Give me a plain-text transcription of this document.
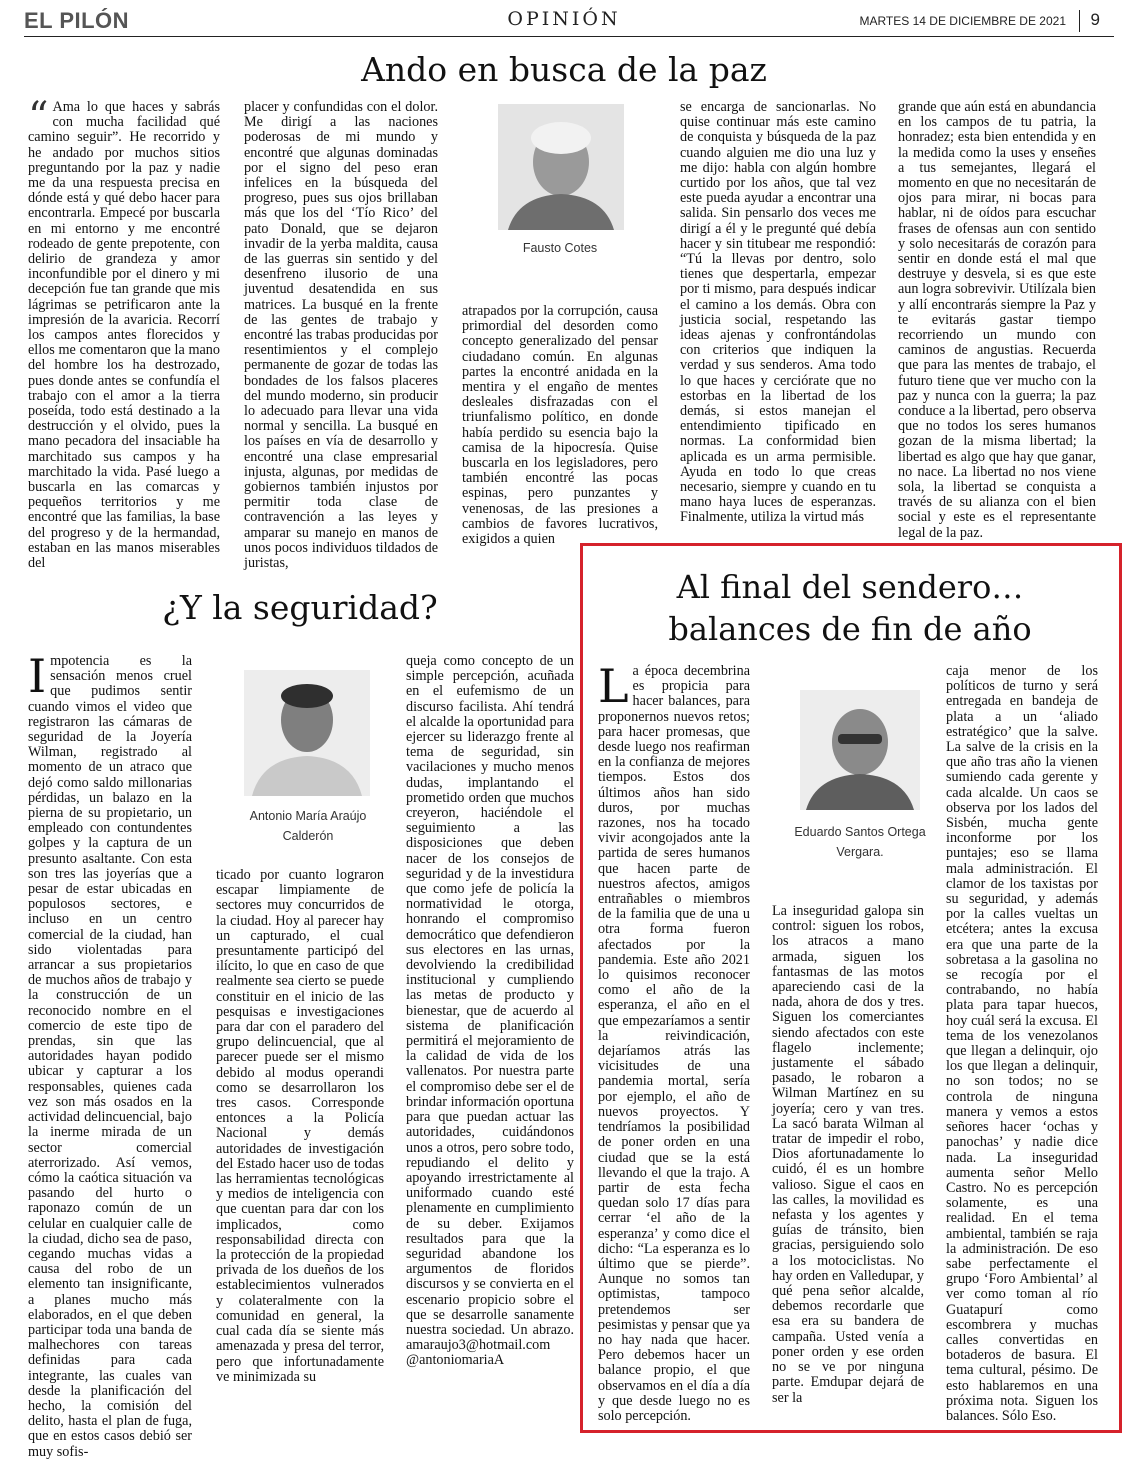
EL PILÓN	OPINIÓN	MARTES 14 DE DICIEMBRE DE 2021 9
Ando en busca de la paz
“ Ama lo que haces y sabrás con mucha facilidad qué camino seguir”. He recorrido y he andado por muchos sitios preguntando por la paz y nadie me da una respuesta precisa en dónde está y qué debo hacer para encontrarla. Empecé por buscarla en mi entorno y me encontré rodeado de gente prepotente, con delirio de grandeza y amor inconfundible por el dinero y mi decepción fue tan grande que mis lágrimas se petrificaron ante la impresión de la avaricia. Recorrí los campos antes florecidos y ellos me comentaron que la mano del hombre los ha destrozado, pues donde antes se confundía el trabajo con el amor a la tierra poseída, todo está destinado a la destrucción y el olvido, pues la mano pecadora del insaciable ha marchitado sus campos y ha marchitado la vida. Pasé luego a buscarla en las comarcas y pequeños territorios y me encontré que las familias, la base del progreso y de la hermandad, estaban en las manos miserables del
placer y confundidas con el dolor. Me dirigí a las naciones poderosas de mi mundo y encontré que algunas dominadas por el signo del peso eran infelices en la búsqueda del progreso, pues sus ojos brillaban más que los del ‘Tío Rico’ del pato Donald, que se dejaron invadir de la yerba maldita, causa de las guerras sin sentido y del desenfreno ilusorio de una juventud desatendida en sus matrices. La busqué en la frente de las gentes de trabajo y encontré las trabas producidas por resentimientos y el complejo permanente de gozar de todas las bondades de los falsos placeres del mundo moderno, sin producir lo adecuado para llevar una vida normal y sencilla. La busqué en los países en vía de desarrollo y encontré una clase empresarial injusta, algunas, por medidas de gobiernos también injustos por permitir toda clase de contravención a las leyes y amparar su manejo en manos de unos pocos individuos tildados de juristas,
Fausto Cotes
atrapados por la corrupción, causa primordial del desorden como concepto generalizado del pensar ciudadano común. En algunas partes la encontré anidada en la mentira y el engaño de mentes desleales disfrazadas con el triunfalismo político, en donde había perdido su esencia bajo la camisa de la hipocresía. Quise buscarla en los legisladores, pero también encontré las pocas espinas, pero punzantes y venenosas, de las presiones a cambios de favores lucrativos, exigidos a quien
se encarga de sancionarlas. No quise continuar más este camino de conquista y búsqueda de la paz cuando alguien me dio una luz y me dijo: habla con algún hombre curtido por los años, que tal vez este pueda ayudar a encontrar una salida. Sin pensarlo dos veces me dirigí a él y le pregunté qué debía hacer y sin titubear me respondió: “Tú la llevas por dentro, solo tienes que despertarla, empezar por ti mismo, para después indicar el camino a los demás. Obra con justicia social, respetando las ideas ajenas y confrontándolas con criterios que indiquen la verdad y sus senderos. Ama todo lo que haces y cerciórate que no estorbas en la libertad de los demás, si estos manejan el entendimiento tipificado en normas. La conformidad bien aplicada es un arma permisible. Ayuda en todo lo que creas necesario, siempre y cuando en tu mano haya luces de esperanzas. Finalmente, utiliza la virtud más
grande que aún está en abundancia en los campos de tu patria, la honradez; esta bien entendida y en la medida como la uses y enseñes a tus semejantes, llegará el momento en que no necesitarán de ojos para mirar, ni bocas para hablar, ni de oídos para escuchar frases de ofensas aun con sentido y solo necesitarás de corazón para sentir en donde está el mal que destruye y desvela, si es que este aun logra sobrevivir. Utilízala bien y allí encontrarás siempre la Paz y te evitarás gastar tiempo recorriendo un mundo con caminos de angustias. Recuerda que para las mentes de trabajo, el futuro tiene que ver mucho con la paz y nunca con la guerra; la paz conduce a la libertad, pero observa que no todos los seres humanos gozan de la misma libertad; la libertad es algo que hay que ganar, no nace. La libertad no nos viene sola, la libertad se conquista a través de su alianza con el bien social y este es el representante legal de la paz.
¿Y la seguridad?
Impotencia es la sensación menos cruel que pudimos sentir cuando vimos el video que registraron las cámaras de seguridad de la Joyería Wilman, registrado al momento de un atraco que dejó como saldo millonarias pérdidas, un balazo en la pierna de su propietario, un empleado con contundentes golpes y la captura de un presunto asaltante. Con esta son tres las joyerías que a pesar de estar ubicadas en populosos sectores, e incluso en un centro comercial de la ciudad, han sido violentadas para arrancar a sus propietarios de muchos años de trabajo y la construcción de un reconocido nombre en el comercio de este tipo de prendas, sin que las autoridades hayan podido ubicar y capturar a los responsables, quienes cada vez son más osados en la actividad delincuencial, bajo la inerme mirada de un sector comercial aterrorizado. Así vemos, cómo la caótica situación va pasando del hurto o raponazo común de un celular en cualquier calle de la ciudad, dicho sea de paso, cegando muchas vidas a causa del robo de un elemento tan insignificante, a planes mucho más elaborados, en el que deben participar toda una banda de malhechores con tareas definidas para cada integrante, las cuales van desde la planificación del hecho, la comisión del delito, hasta el plan de fuga, que en estos casos debió ser muy sofis-
Antonio María Araújo
Calderón
ticado por cuanto lograron escapar limpiamente de sectores muy concurridos de la ciudad. Hoy al parecer hay un capturado, el cual presuntamente participó del ilícito, lo que en caso de que realmente sea cierto se puede constituir en el inicio de las pesquisas e investigaciones para dar con el paradero del grupo delincuencial, que al parecer puede ser el mismo debido al modus operandi como se desarrollaron los tres casos. Corresponde entonces a la Policía Nacional y demás autoridades de investigación del Estado hacer uso de todas las herramientas tecnológicas y medios de inteligencia con que cuentan para dar con los implicados, como responsabilidad directa con la protección de la propiedad privada de los dueños de los establecimientos vulnerados y colateralmente con la comunidad en general, la cual cada día se siente más amenazada y presa del terror, pero que infortunadamente ve minimizada su
queja como concepto de un simple percepción, acuñada en el eufemismo de un discurso facilista. Ahí tendrá el alcalde la oportunidad para ejercer su liderazgo frente al tema de seguridad, sin vacilaciones y mucho menos dudas, implantando el prometido orden que muchos creyeron, haciéndole el seguimiento a las disposiciones que deben nacer de los consejos de seguridad y de la investidura que como jefe de policía la normatividad le otorga, honrando el compromiso democrático que defendieron sus electores en las urnas, devolviendo la credibilidad institucional y cumpliendo las metas de producto y bienestar, que de acuerdo al sistema de planificación permitirá el mejoramiento de la calidad de vida de los vallenatos. Por nuestra parte el compromiso debe ser el de brindar información oportuna para que puedan actuar las autoridades, cuidándonos unos a otros, pero sobre todo, repudiando el delito y apoyando irrestrictamente al uniformado cuando esté plenamente en cumplimiento de su deber. Exijamos resultados para que la seguridad abandone los argumentos de floridos discursos y se convierta en el escenario propicio sobre el que se desarrolle sanamente nuestra sociedad. Un abrazo. amaraujo3@hotmail.com @antoniomariaA
Al final del sendero…
balances de fin de año
La época decembrina es propicia para hacer balances, para proponernos nuevos retos; para hacer promesas, que desde luego nos reafirman en la confianza de mejores tiempos. Estos dos últimos años han sido duros, por muchas razones, nos ha tocado vivir acongojados ante la partida de seres humanos que hacen parte de nuestros afectos, amigos entrañables o miembros de la familia que de una u otra forma fueron afectados por la pandemia. Este año 2021 lo quisimos reconocer como el año de la esperanza, el año en el que empezaríamos a sentir la reivindicación, dejaríamos atrás las vicisitudes de una pandemia mortal, sería por ejemplo, el año de nuevos proyectos. Y tendríamos la posibilidad de poner orden en una ciudad que se la está llevando el que la trajo. A partir de esta fecha quedan solo 17 días para cerrar ‘el año de la esperanza’ y como dice el dicho: “La esperanza es lo último que se pierde”. Aunque no somos tan optimistas, tampoco pretendemos ser pesimistas y pensar que ya no hay nada que hacer. Pero debemos hacer un balance propio, el que observamos en el día a día y que desde luego no es solo percepción.
Eduardo Santos Ortega
Vergara.
La inseguridad galopa sin control: siguen los robos, los atracos a mano armada, siguen los fantasmas de las motos apareciendo casi de la nada, ahora de dos y tres. Siguen los comerciantes siendo afectados con este flagelo inclemente; justamente el sábado pasado, le robaron a Wilman Martínez en su joyería; cero y van tres. La sacó barata Wilman al tratar de impedir el robo, Dios afortunadamente lo cuidó, él es un hombre valioso. Sigue el caos en las calles, la movilidad es nefasta y los agentes y guías de tránsito, bien gracias, persiguiendo solo a los motociclistas. No hay orden en Valledupar, y qué pena señor alcalde, debemos recordarle que esa era su bandera de campaña. Usted venía a poner orden y ese orden no se ve por ninguna parte. Emdupar dejará de ser la
caja menor de los políticos de turno y será entregada en bandeja de plata a un ‘aliado estratégico’ que la salve. La salve de la crisis en la que año tras año la vienen sumiendo cada gerente y cada alcalde. Un caos se observa por los lados del Sisbén, mucha gente inconforme por los puntajes; eso se llama mala administración. El clamor de los taxistas por su seguridad, y además por la calles vueltas un etcétera; antes la excusa era que una parte de la sobretasa a la gasolina no se recogía por el contrabando, no había plata para tapar huecos, hoy cuál será la excusa. El tema de los venezolanos que llegan a delinquir, ojo los que llegan a delinquir, no son todos; no se controla de ninguna manera y vemos a estos señores hacer ‘ochas y panochas’ y nadie dice nada. La inseguridad aumenta señor Mello Castro. No es percepción solamente, es una realidad. En el tema ambiental, también se raja la administración. De eso sabe perfectamente el grupo ‘Foro Ambiental’ al ver como toman al río Guatapurí como escombrera y muchas calles convertidas en botaderos de basura. El tema cultural, pésimo. De esto hablaremos en una próxima nota. Siguen los balances. Sólo Eso.
